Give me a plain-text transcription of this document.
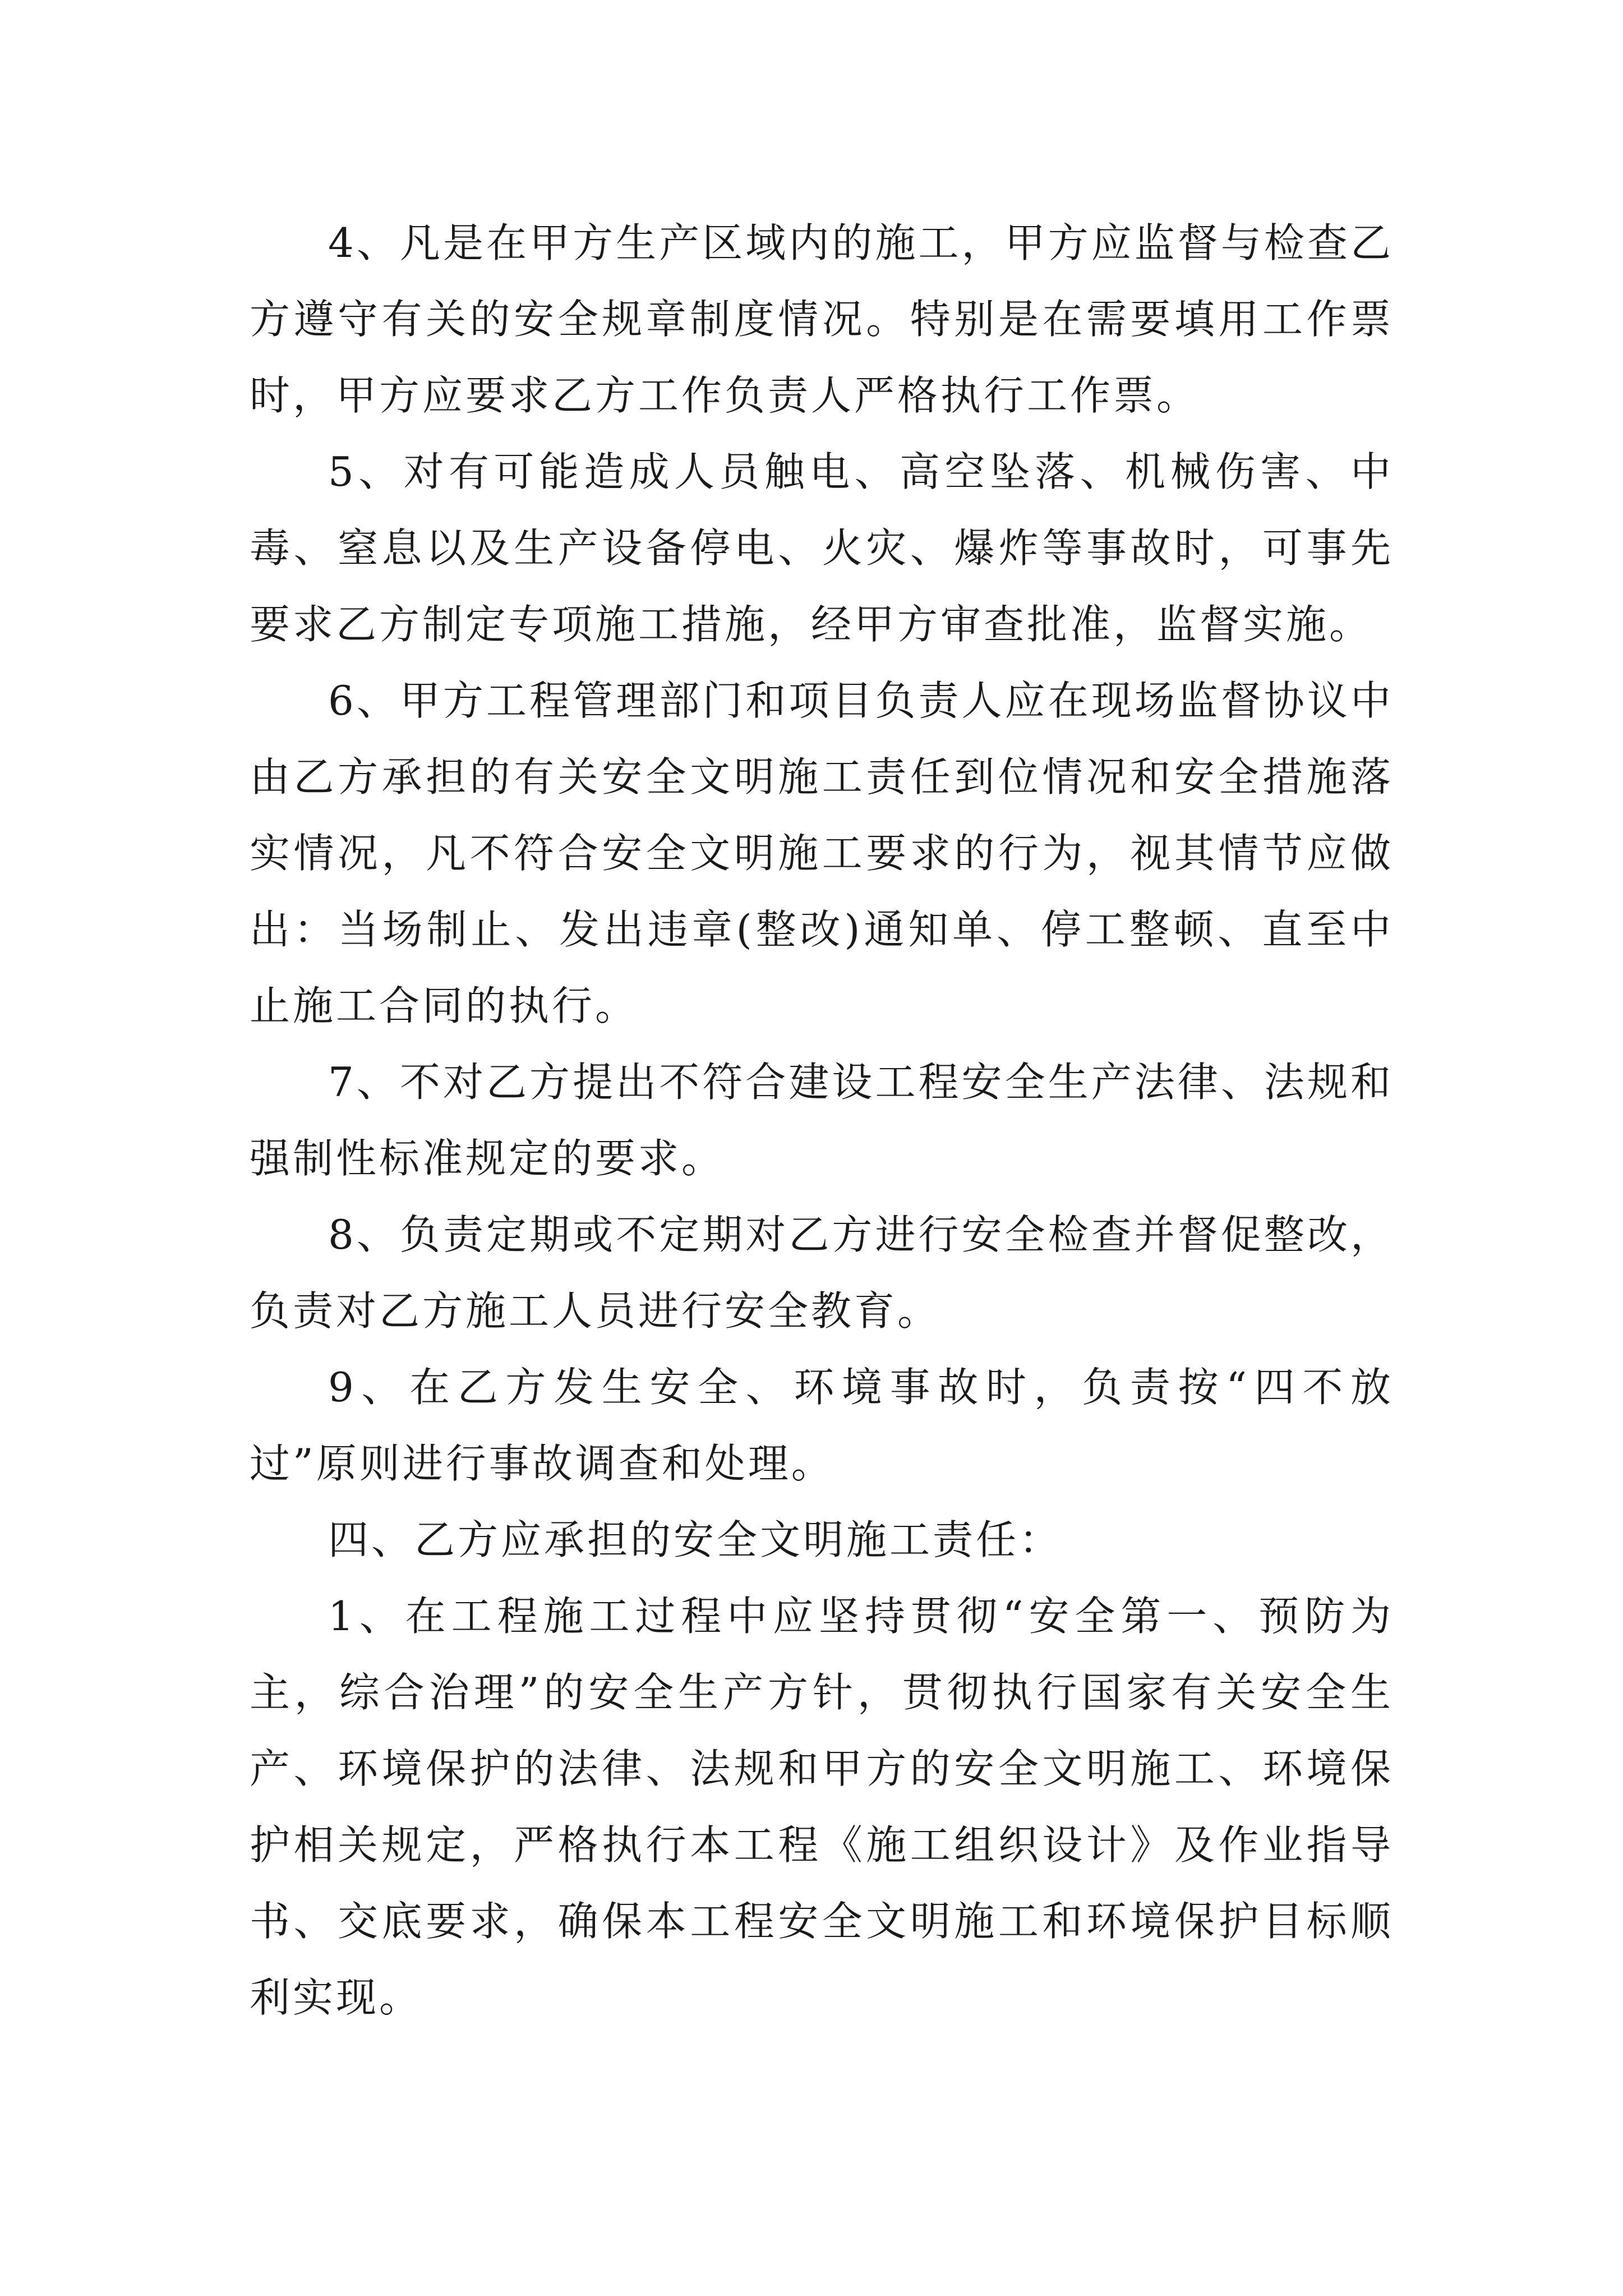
4、凡是在甲方生产区域内的施工，甲方应监督与检查乙方遵守有关的安全规章制度情况。特别是在需要填用工作票时，甲方应要求乙方工作负责人严格执行工作票。

5、对有可能造成人员触电、高空坠落、机械伤害、中毒、窒息以及生产设备停电、火灾、爆炸等事故时，可事先要求乙方制定专项施工措施，经甲方审查批准，监督实施。

6、甲方工程管理部门和项目负责人应在现场监督协议中由乙方承担的有关安全文明施工责任到位情况和安全措施落实情况，凡不符合安全文明施工要求的行为，视其情节应做出：当场制止、发出违章(整改)通知单、停工整顿、直至中止施工合同的执行。

7、不对乙方提出不符合建设工程安全生产法律、法规和强制性标准规定的要求。

8、负责定期或不定期对乙方进行安全检查并督促整改，负责对乙方施工人员进行安全教育。

9、在乙方发生安全、环境事故时，负责按“四不放过”原则进行事故调查和处理。

四、乙方应承担的安全文明施工责任：

1、在工程施工过程中应坚持贯彻“安全第一、预防为主，综合治理”的安全生产方针，贯彻执行国家有关安全生产、环境保护的法律、法规和甲方的安全文明施工、环境保护相关规定，严格执行本工程《施工组织设计》及作业指导书、交底要求，确保本工程安全文明施工和环境保护目标顺利实现。
